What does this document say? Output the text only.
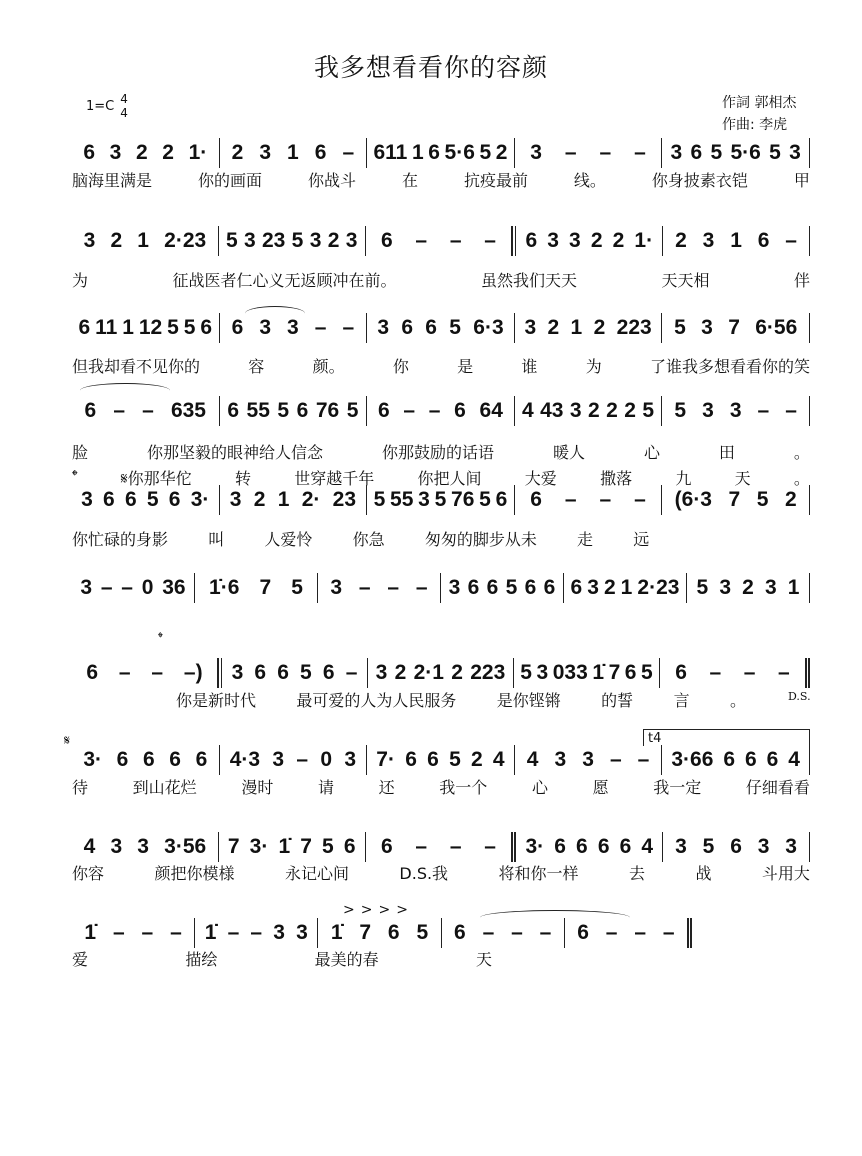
我多想看看你的容颜
1=C 4
4
作詞 郭相杰
作曲: 李虎
6 3 2 2 1· 2 3 1 6 – 611 1 6 5·6 5 2 3 – – – 3 6 5 5·6 5 3
脑海里满是	你的画面	你战斗	在	抗疫最前	线。	你身披素衣铠	甲
3 2 1 2·23 5 3 23 5 3 2 3 6 – – – 6 3 3 2 2 1· 2 3 1 6 –
为	征战医者仁心义无返顾冲在前。	虽然我们天天	天天相	伴
6 11 1 12 5 5 6 6 3 3 – – 3 6 6 5 6·3 3 2 1 2 223 5 3 7 6·56
但我却看不见你的	容	颜。	你	是	谁	为	了谁我多想看看你的笑
6 – – 635 6 55 5 6 76 5 6 – – 6 64 4 43 3 2 2 2 5 5 3 3 – –
脸	你那坚毅的眼神给人信念	你那鼓励的话语	暖人	心	田	。
𝄌	𝄋你那华佗	转	世穿越千年	你把人间	大爱	撒落	九	天	。
3 6 6 5 6 3· 3 2 1 2· 23 5 55 3 5 76 5 6 6 – – – (6·3 7 5 2
你忙碌的身影	叫	人爱怜	你急	匆匆的脚步从未	走	远
3 – – 0 36 1̇·6 7 5 3 – – – 3 6 6 5 6 6 6 3 2 1 2·23 5 3 2 3 1
6 – – –) 3 6 6 5 6 – 3 2 2·1 2 223 5 3 033 1̇ 7 6 5 6 – – –
你是新时代	最可爱的人为人民服务	是你铿锵	的誓	言	。
3· 6 6 6 6 4·3 3 – 0 3 7· 6 6 5 2 4 4 3 3 – – 3·66 6 6 6 4
待	到山花烂	漫时	请	还	我一个	心	愿	我一定	仔细看看
4 3 3 3·56 7 3· 1̇ 7 5 6 6 – – – 3· 6 6 6 6 4 3 5 6 3 3
你容	颜把你模様	永记心间	D.S.我	将和你一样	去	战	斗用大
1̇ – – – 1̇ – – 3 3 1̇ 7 6 5 6 – – – 6 – – –
爱	描绘	最美的春	天
𝄌
𝄋
D.S.
t4
>>>>
